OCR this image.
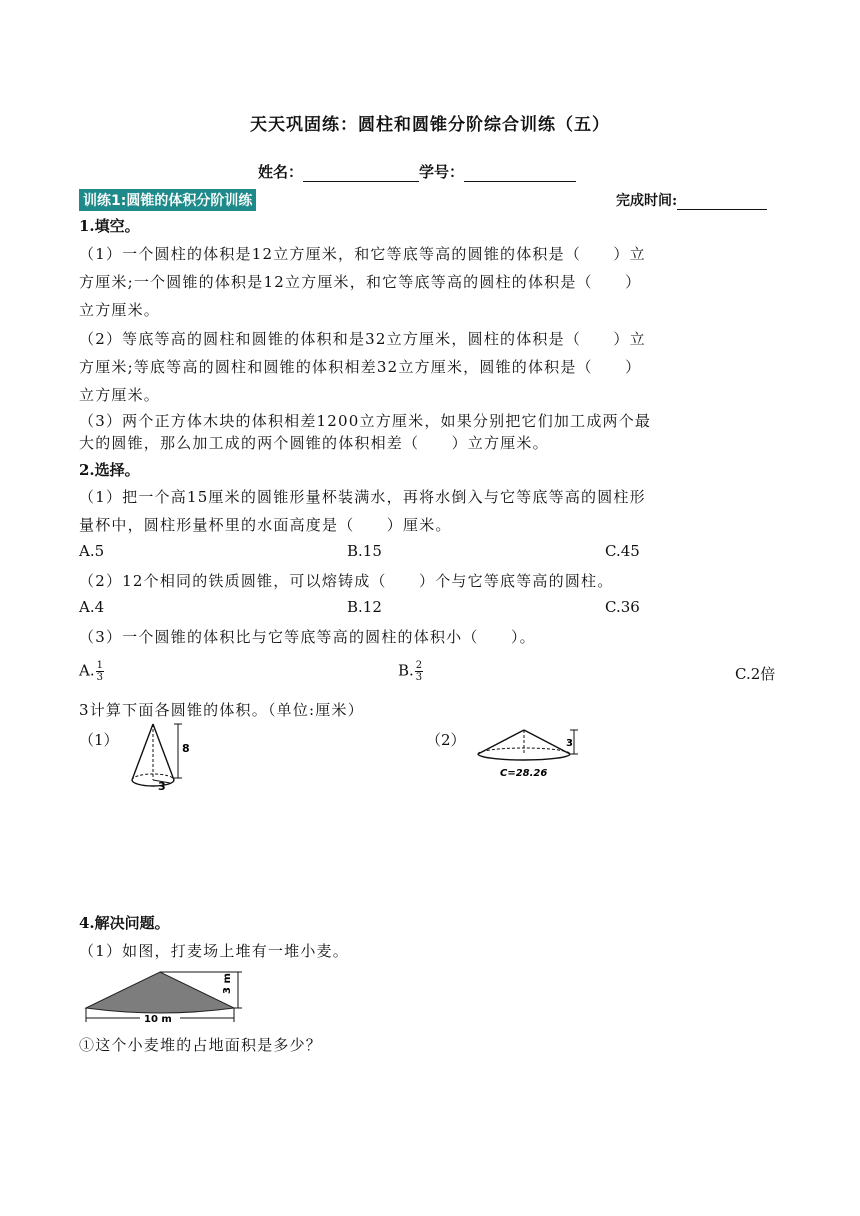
天天巩固练：圆柱和圆锥分阶综合训练（五）
姓名：	学号：
训练1:圆锥的体积分阶训练	完成时间:
1.填空。
（1）一个圆柱的体积是12立方厘米，和它等底等高的圆锥的体积是（　　）立
方厘米;一个圆锥的体积是12立方厘米，和它等底等高的圆柱的体积是（　　）
立方厘米。
（2）等底等高的圆柱和圆锥的体积和是32立方厘米，圆柱的体积是（　　）立
方厘米;等底等高的圆柱和圆锥的体积相差32立方厘米，圆锥的体积是（　　）
立方厘米。
（3）两个正方体木块的体积相差1200立方厘米，如果分别把它们加工成两个最
大的圆锥，那么加工成的两个圆锥的体积相差（　　）立方厘米。
2.选择。
（1）把一个高15厘米的圆锥形量杯装满水，再将水倒入与它等底等高的圆柱形
量杯中，圆柱形量杯里的水面高度是（　　）厘米。
A.5	B.15	C.45
（2）12个相同的铁质圆锥，可以熔铸成（　　）个与它等底等高的圆柱。
A.4	B.12	C.36
（3）一个圆锥的体积比与它等底等高的圆柱的体积小（　　）。
A. $\frac{1}{3}$	B. $\frac{2}{3}$	C.2倍
3计算下面各圆锥的体积。（单位:厘米）
（1）	（2）
8
3
3
C=28.26
4.解决问题。
（1）如图，打麦场上堆有一堆小麦。
3 m
10 m
①这个小麦堆的占地面积是多少？
